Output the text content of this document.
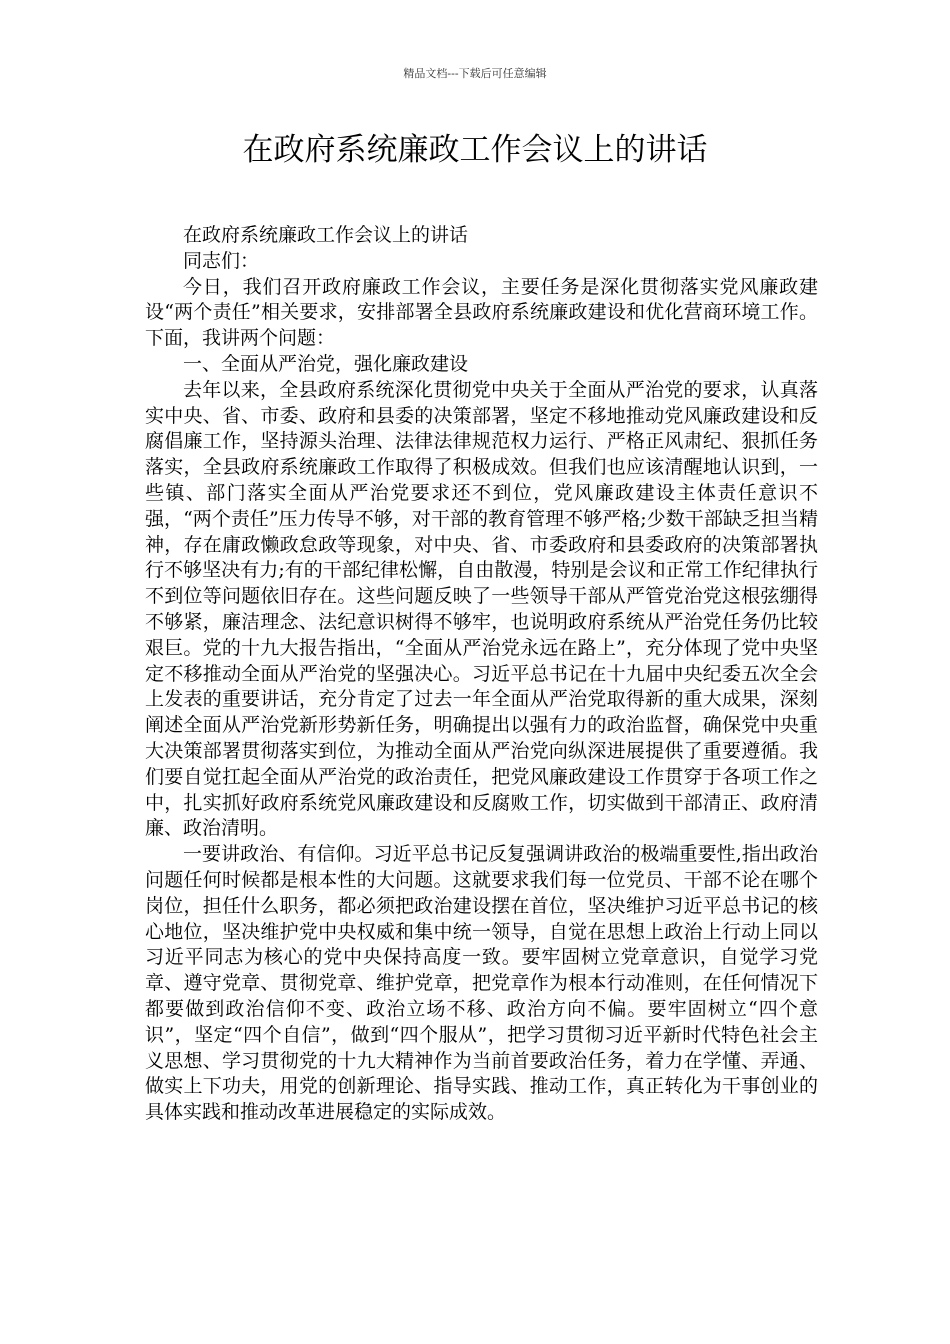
精品文档---下载后可任意编辑
在政府系统廉政工作会议上的讲话

在政府系统廉政工作会议上的讲话

同志们：

今日，我们召开政府廉政工作会议，主要任务是深化贯彻落实党风廉政建设“两个责任”相关要求，安排部署全县政府系统廉政建设和优化营商环境工作。下面，我讲两个问题：

一、全面从严治党，强化廉政建设

去年以来，全县政府系统深化贯彻党中央关于全面从严治党的要求，认真落实中央、省、市委、政府和县委的决策部署，坚定不移地推动党风廉政建设和反腐倡廉工作，坚持源头治理、法律法律规范权力运行、严格正风肃纪、狠抓任务落实，全县政府系统廉政工作取得了积极成效。但我们也应该清醒地认识到，一些镇、部门落实全面从严治党要求还不到位，党风廉政建设主体责任意识不强，“两个责任”压力传导不够，对干部的教育管理不够严格;少数干部缺乏担当精神，存在庸政懒政怠政等现象，对中央、省、市委政府和县委政府的决策部署执行不够坚决有力;有的干部纪律松懈，自由散漫，特别是会议和正常工作纪律执行不到位等问题依旧存在。这些问题反映了一些领导干部从严管党治党这根弦绷得不够紧，廉洁理念、法纪意识树得不够牢，也说明政府系统从严治党任务仍比较艰巨。党的十九大报告指出，“全面从严治党永远在路上”，充分体现了党中央坚定不移推动全面从严治党的坚强决心。习近平总书记在十九届中央纪委五次全会上发表的重要讲话，充分肯定了过去一年全面从严治党取得新的重大成果，深刻阐述全面从严治党新形势新任务，明确提出以强有力的政治监督，确保党中央重大决策部署贯彻落实到位，为推动全面从严治党向纵深进展提供了重要遵循。我们要自觉扛起全面从严治党的政治责任，把党风廉政建设工作贯穿于各项工作之中，扎实抓好政府系统党风廉政建设和反腐败工作，切实做到干部清正、政府清廉、政治清明。

一要讲政治、有信仰。习近平总书记反复强调讲政治的极端重要性,指出政治问题任何时候都是根本性的大问题。这就要求我们每一位党员、干部不论在哪个岗位，担任什么职务，都必须把政治建设摆在首位，坚决维护习近平总书记的核心地位，坚决维护党中央权威和集中统一领导，自觉在思想上政治上行动上同以习近平同志为核心的党中央保持高度一致。要牢固树立党章意识，自觉学习党章、遵守党章、贯彻党章、维护党章，把党章作为根本行动准则，在任何情况下都要做到政治信仰不变、政治立场不移、政治方向不偏。要牢固树立“四个意识”，坚定“四个自信”，做到“四个服从”，把学习贯彻习近平新时代特色社会主义思想、学习贯彻党的十九大精神作为当前首要政治任务，着力在学懂、弄通、做实上下功夫，用党的创新理论、指导实践、推动工作，真正转化为干事创业的具体实践和推动改革进展稳定的实际成效。
